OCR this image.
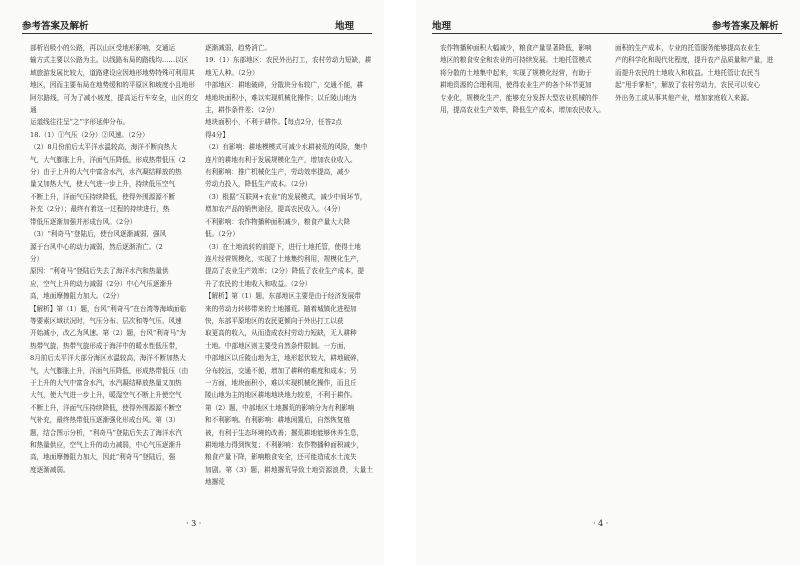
参考答案及解析	地理

部析岩吸小的公路，再以山区受地形影响，交通运

输方式主要以公路为主。以线路布局的路线均……以区

域旅游发展比较大，道路建设应因地形地势特殊可利用其

地区，因而主要布局在地势缓和的平原区和坡度小且地形

阿尔路线，可为了减小坡度，提高运行车安全，山区的交通

运道线往往呈“之”字形延伸分布。

18.（1）①气压（2分）②风速。（2分）

（2）8月份前后太平洋水温较高，海洋不断向热大

气，大气膨胀上升，洋面气压降低，形成热带低压（2

分）由于上升的大气中富含水汽，水汽凝结释放的热

量又加热大气，使大气进一步上升，持续低压空气

不断上升，洋面气压持续降低，使得外围源源不断

补充（2分）；最终有着这一过程的持续进行，热

带低压逐渐加强并形成台风。（2分）

（3）“利奇马”登陆后，使台风逐渐减弱，强风

源于台风中心的动力减弱，然后逐渐消亡。（2

分）

原因：“利奇马”登陆后失去了海洋水汽和热量供

应，空气上升的动力减弱（2分）中心气压逐渐升

高，地面摩擦阻力加大。（2分）

【解析】第（1）题，台风“利奇马”在台湾等海域面临

等要素区域状况时，气压分布、层次和等气压、风速

开始减小，改乙为风速。第（2）题，台风“利奇马”为

热带气旋，热带气旋形成于海洋中的暖水性低压带，

8月前后太平洋大部分海区水温较高，海洋不断加热大

气，大气膨胀上升，洋面气压降低，形成热带低压（由

于上升的大气中富含水汽，水汽凝结释放热量又加热

大气，使大气进一步上升，暖湿空气不断上升使空气

不断上升，洋面气压持续降低，使得外围源源不断空

气补充，最终热带低压逐渐强化形成台风。第（3）

题，结合图示分析，“利奇马”登陆后失去了海洋水汽

和热量供应，空气上升的动力减弱，中心气压逐渐升

高，地面摩擦阻力加大，因此“利奇马”登陆后，强

度逐渐减弱。

逐渐减弱，趋势消亡。

19.（1）东部地区：农民外出打工，农村劳动力短缺，耕

地无人种。（2分）

中部地区：耕地破碎，分散块分布较广，交通不便，耕

地地块面积小，难以实现机械化操作；以丘陵山地为

主，耕作条件差；（2分）

地块面积小，不利于耕作。【每点2分，任答2点

得4分】

（2）有影响：耕地模模式可减少水耕被荒的风险，集中

连片的耕地有利于发展规模化生产，增加农业收入。

有利影响：推广机械化生产，劳动效率提高，减少

劳动力投入，降低生产成本。（2分）

（3）根据“互联网+农业”的发展模式，减少中间环节，

增加农产品的销售途径，提高农民收入。（4分）

不利影响：农作物播种面积减少，粮食产量大大降

低。（2分）

（3）在土地流转的前提下，进行土地托管，使得土地

连片经营规模化，实现了土地集约利用，规模化生产，

提高了农业生产效率；（2分）降低了农业生产成本，提

升了农民的土地收入和收益。（2分）

【解析】第（1）题，东部地区主要是由于经济发展带

来的劳动力转移带来的土地撂荒。随着城镇化进程加

快，东部平原地区的农民更倾向于外出打工以获

取更高的收入，从而造成农村劳动力短缺，无人耕种

土地。中部地区则主要受自然条件限制。一方面，

中部地区以丘陵山地为主，地形起伏较大，耕地破碎，

分布较远，交通不便，增加了耕种的难度和成本；另

一方面，地块面积小，难以实现机械化操作，而且丘

陵山地为主的地区耕地地块地力较差，不利于耕作。

第（2）题，中部地区土地撂荒的影响分为有利影响

和不利影响。有利影响：耕地闲置后，自然恢复植

被，有利于生态环境的改善；撂荒耕地能够休养生息，

耕地地力得到恢复；不利影响：农作物播种面积减少，

粮食产量下降，影响粮食安全，还可能造成水土流失

加剧。第（3）题，耕地撂荒导致土地资源浪费，大量土地撂荒

· 3 ·
地理	参考答案及解析

农作物播种面积大幅减少，粮食产量显著降低，影响

地区的粮食安全和农业的可持续发展。土地托管模式

将分散的土地集中起来，实现了规模化经营，有助于

耕地资源的合理利用，使得农业生产的各个环节更加

专业化，规模化生产，能够充分发挥大型农业机械的作

用，提高农业生产效率，降低生产成本，增加农民收入。

面积的生产成本，专业的托管服务能够提高农业生

产的科学化和现代化程度，提升农产品质量和产量，进

而提升农民的土地收入和收益。土地托管让农民当

起“甩手掌柜”，解放了农村劳动力，农民可以安心

外出务工或从事其他产业，增加家庭收入来源。

· 4 ·
